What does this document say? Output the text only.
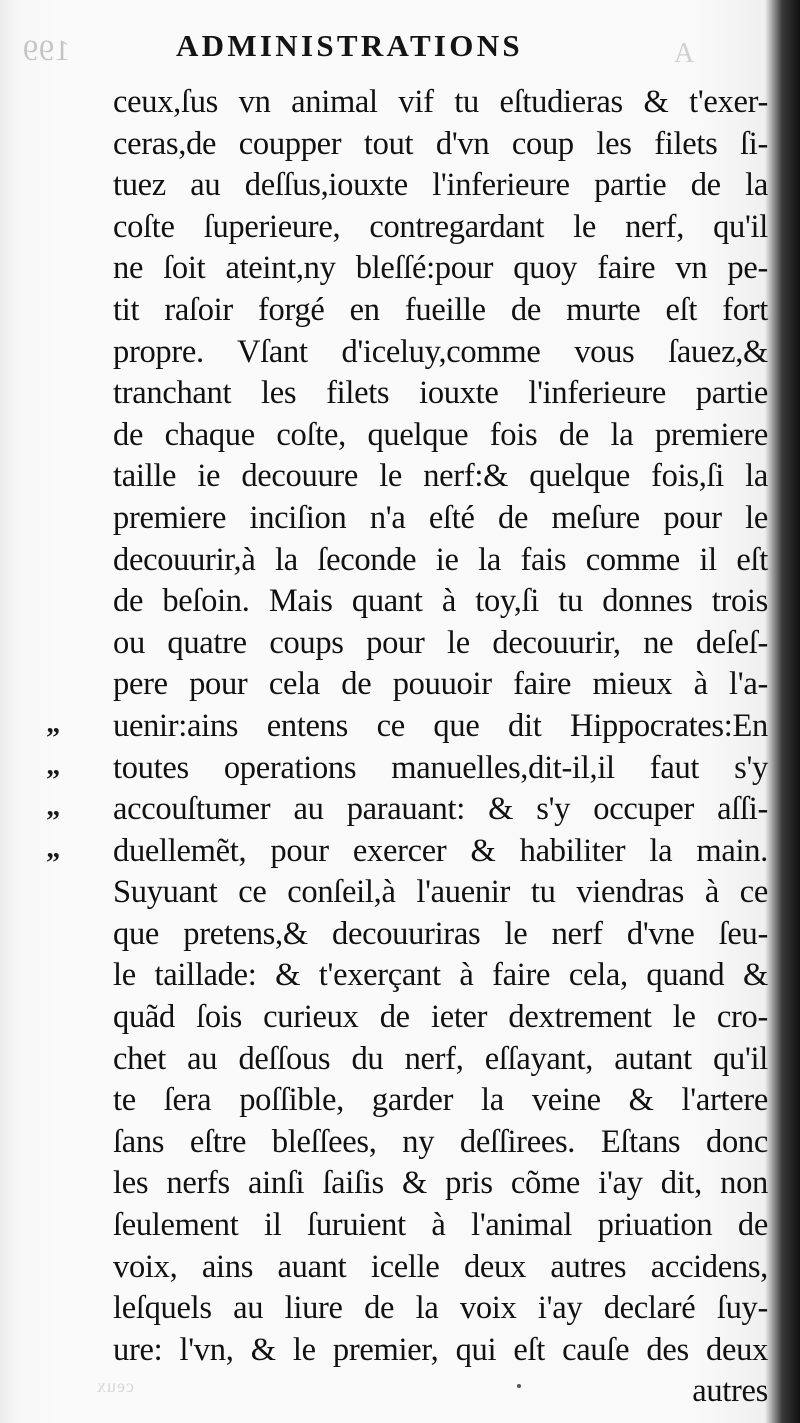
199	A
ceux
ADMINISTRATIONS
”
”
”
”
ceux,ſus vn animal vif tu eſtudieras & t'exer-
ceras,de coupper tout d'vn coup les filets ſi-
tuez au deſſus,iouxte l'inferieure partie de la
coſte ſuperieure, contregardant le nerf, qu'il
ne ſoit ateint,ny bleſſé:pour quoy faire vn pe-
tit raſoir forgé en fueille de murte eſt fort
propre. Vſant d'iceluy,comme vous ſauez,&
tranchant les filets iouxte l'inferieure partie
de chaque coſte, quelque fois de la premiere
taille ie decouure le nerf:& quelque fois,ſi la
premiere inciſion n'a eſté de meſure pour le
decouurir,à la ſeconde ie la fais comme il eſt
de beſoin. Mais quant à toy,ſi tu donnes trois
ou quatre coups pour le decouurir, ne deſeſ-
pere pour cela de pouuoir faire mieux à l'a-
uenir:ains entens ce que dit Hippocrates:En
toutes operations manuelles,dit-il,il faut s'y
accouſtumer au parauant: & s'y occuper aſſi-
duellemẽt, pour exercer & habiliter la main.
Suyuant ce conſeil,à l'auenir tu viendras à ce
que pretens,& decouuriras le nerf d'vne ſeu-
le taillade: & t'exerçant à faire cela, quand &
quãd ſois curieux de ieter dextrement le cro-
chet au deſſous du nerf, eſſayant, autant qu'il
te ſera poſſible, garder la veine & l'artere
ſans eſtre bleſſees, ny deſſirees. Eſtans donc
les nerfs ainſi ſaiſis & pris cõme i'ay dit, non
ſeulement il ſuruient à l'animal priuation de
voix, ains auant icelle deux autres accidens,
leſquels au liure de la voix i'ay declaré ſuy-
ure: l'vn, & le premier, qui eſt cauſe des deux
autres
